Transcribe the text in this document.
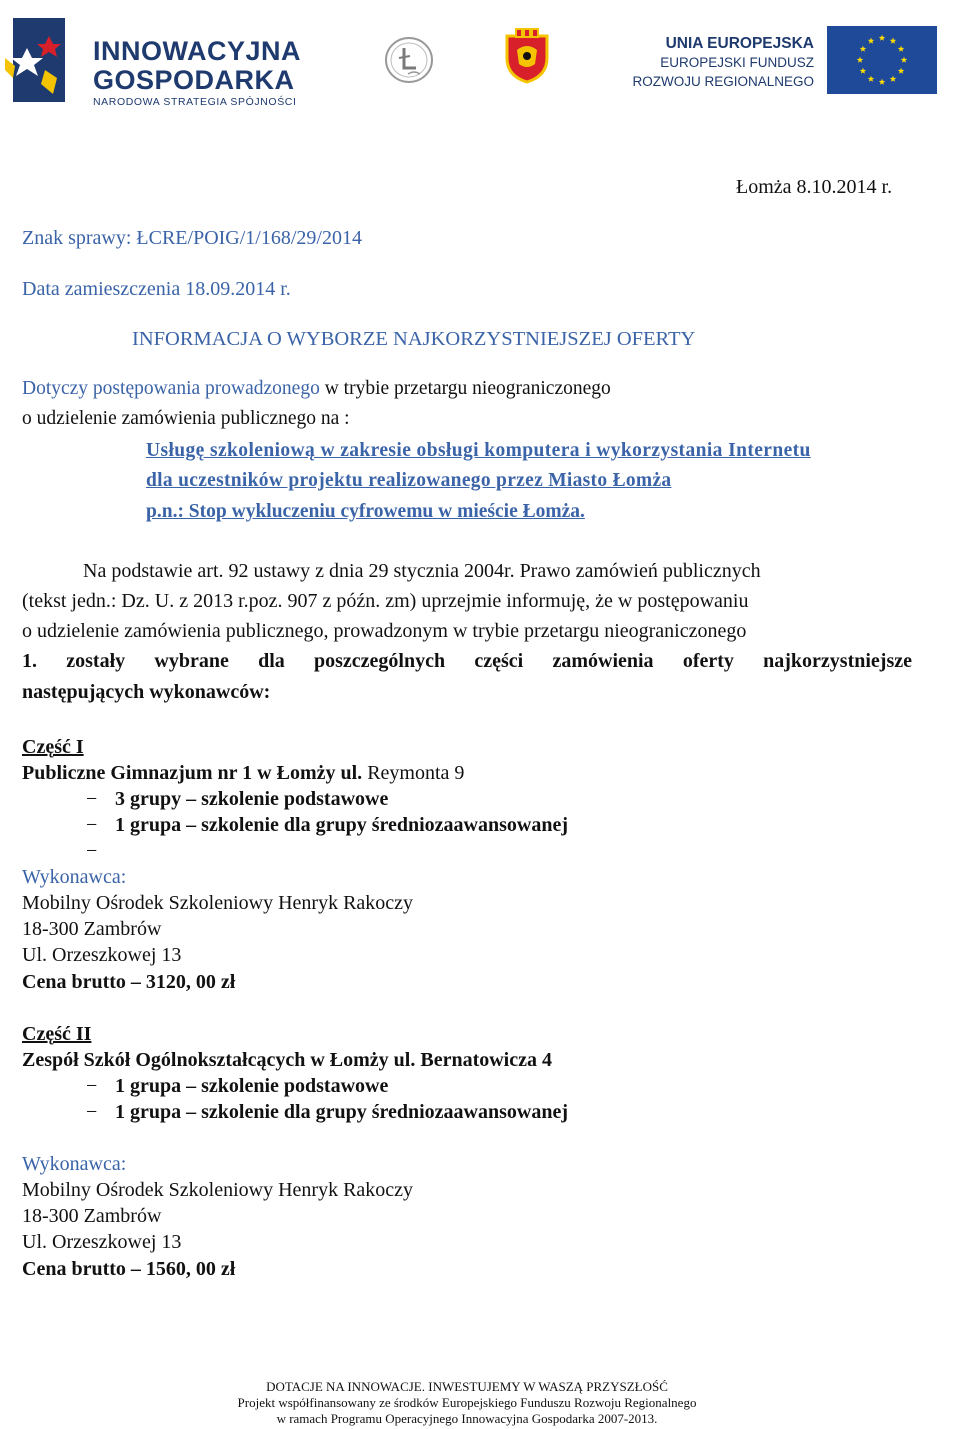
INNOWACYJNA
GOSPODARKA
NARODOWA STRATEGIA SPÓJNOŚCI
UNIA EUROPEJSKA
EUROPEJSKI FUNDUSZ
ROZWOJU REGIONALNEGO
Łomża 8.10.2014 r.
Znak sprawy: ŁCRE/POIG/1/168/29/2014
Data zamieszczenia 18.09.2014 r.
INFORMACJA O WYBORZE NAJKORZYSTNIEJSZEJ OFERTY
Dotyczy postępowania prowadzonego w trybie przetargu nieograniczonego
o udzielenie zamówienia publicznego na :
Usługę szkoleniową w zakresie obsługi komputera i wykorzystania Internetu
dla uczestników projektu realizowanego przez Miasto Łomża
p.n.: Stop wykluczeniu cyfrowemu w mieście Łomża.
Na podstawie art. 92 ustawy z dnia 29 stycznia 2004r. Prawo zamówień publicznych
(tekst jedn.: Dz. U. z 2013 r.poz. 907 z późn. zm) uprzejmie informuję, że w postępowaniu
o udzielenie zamówienia publicznego, prowadzonym w trybie przetargu nieograniczonego
1. zostały wybrane dla poszczególnych części zamówienia oferty najkorzystniejsze
następujących wykonawców:
Część I
Publiczne Gimnazjum nr 1 w Łomży ul. Reymonta 9
− 3 grupy – szkolenie podstawowe
− 1 grupa – szkolenie dla grupy średniozaawansowanej
−
Wykonawca:
Mobilny Ośrodek Szkoleniowy Henryk Rakoczy
18-300 Zambrów
Ul. Orzeszkowej 13
Cena brutto – 3120, 00 zł
Część II
Zespół Szkół Ogólnokształcących w Łomży ul. Bernatowicza 4
− 1 grupa – szkolenie podstawowe
− 1 grupa – szkolenie dla grupy średniozaawansowanej
Wykonawca:
Mobilny Ośrodek Szkoleniowy Henryk Rakoczy
18-300 Zambrów
Ul. Orzeszkowej 13
Cena brutto – 1560, 00 zł
DOTACJE NA INNOWACJE. INWESTUJEMY W WASZĄ PRZYSZŁOŚĆ
Projekt współfinansowany ze środków Europejskiego Funduszu Rozwoju Regionalnego
w ramach Programu Operacyjnego Innowacyjna Gospodarka 2007-2013.
